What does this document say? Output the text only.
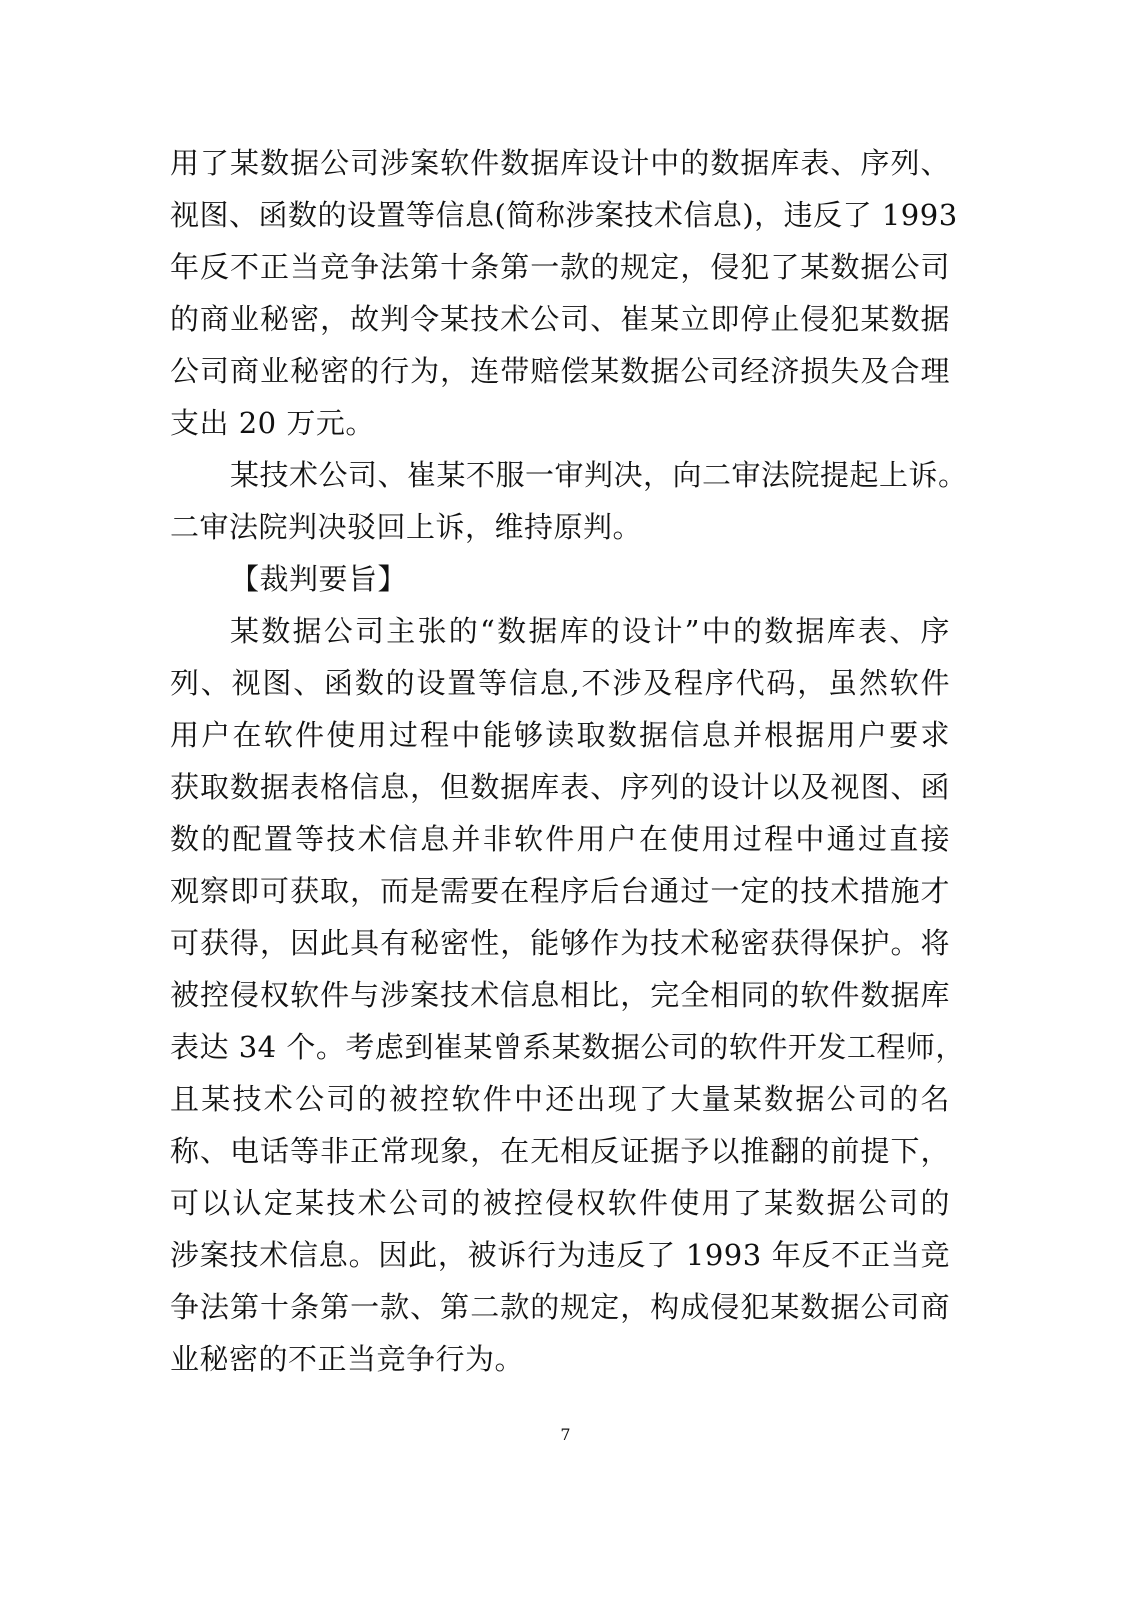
用了某数据公司涉案软件数据库设计中的数据库表、序列、
视图、函数的设置等信息(简称涉案技术信息)，违反了 1993
年反不正当竞争法第十条第一款的规定，侵犯了某数据公司
的商业秘密，故判令某技术公司、崔某立即停止侵犯某数据
公司商业秘密的行为，连带赔偿某数据公司经济损失及合理
支出 20 万元。
某技术公司、崔某不服一审判决，向二审法院提起上诉。
二审法院判决驳回上诉，维持原判。
【裁判要旨】
某数据公司主张的“数据库的设计”中的数据库表、序
列、视图、函数的设置等信息,不涉及程序代码，虽然软件
用户在软件使用过程中能够读取数据信息并根据用户要求
获取数据表格信息，但数据库表、序列的设计以及视图、函
数的配置等技术信息并非软件用户在使用过程中通过直接
观察即可获取，而是需要在程序后台通过一定的技术措施才
可获得，因此具有秘密性，能够作为技术秘密获得保护。将
被控侵权软件与涉案技术信息相比，完全相同的软件数据库
表达 34 个。考虑到崔某曾系某数据公司的软件开发工程师，
且某技术公司的被控软件中还出现了大量某数据公司的名
称、电话等非正常现象，在无相反证据予以推翻的前提下，
可以认定某技术公司的被控侵权软件使用了某数据公司的
涉案技术信息。因此，被诉行为违反了 1993 年反不正当竞
争法第十条第一款、第二款的规定，构成侵犯某数据公司商
业秘密的不正当竞争行为。
7
